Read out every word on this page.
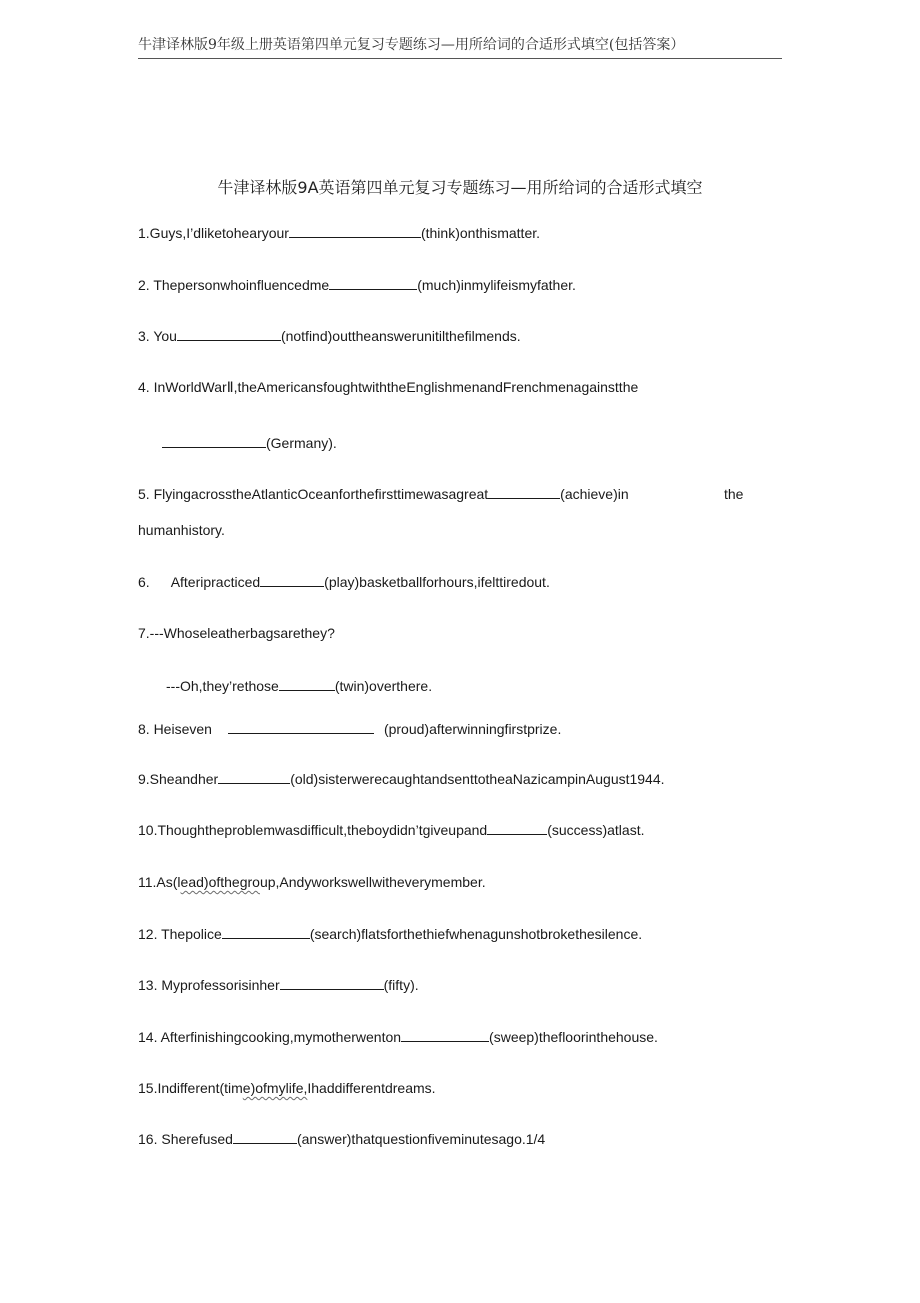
牛津译林版9年级上册英语第四单元复习专题练习—用所给词的合适形式填空(包括答案）
牛津译林版9A英语第四单元复习专题练习—用所给词的合适形式填空
1.Guys,I’dliketohearyour	(think)onthismatter.
2. Thepersonwhoinfluencedme	(much)inmylifeismyfather.
3. You	(notfind)outtheanswerunitilthefilmends.
4. InWorldWarⅡ,theAmericansfoughtwiththeEnglishmenandFrenchmenagainstthe
(Germany).
5. FlyingacrosstheAtlanticOceanforthefirsttimewasagreat	(achieve)in	the
humanhistory.
6. Afteripracticed	(play)basketballforhours,ifelttiredout.
7.---Whoseleatherbagsarethey?
---Oh,they’rethose	(twin)overthere.
8. Heiseven	(proud)afterwinningfirstprize.
9.Sheandher	(old)sisterwerecaughtandsenttotheaNazicampinAugust1944.
10.Thoughtheproblemwasdifficult,theboydidn’tgiveupand	(success)atlast.
11.As(lead)ofthegroup,Andyworkswellwitheverymember.
12. Thepolice	(search)flatsforthethiefwhenagunshotbrokethesilence.
13. Myprofessorisinher	(fifty).
14. Afterfinishingcooking,mymotherwenton	(sweep)thefloorinthehouse.
15.Indifferent(time)ofmylife,Ihaddifferentdreams.
16. Sherefused	(answer)thatquestionfiveminutesago.1/4
